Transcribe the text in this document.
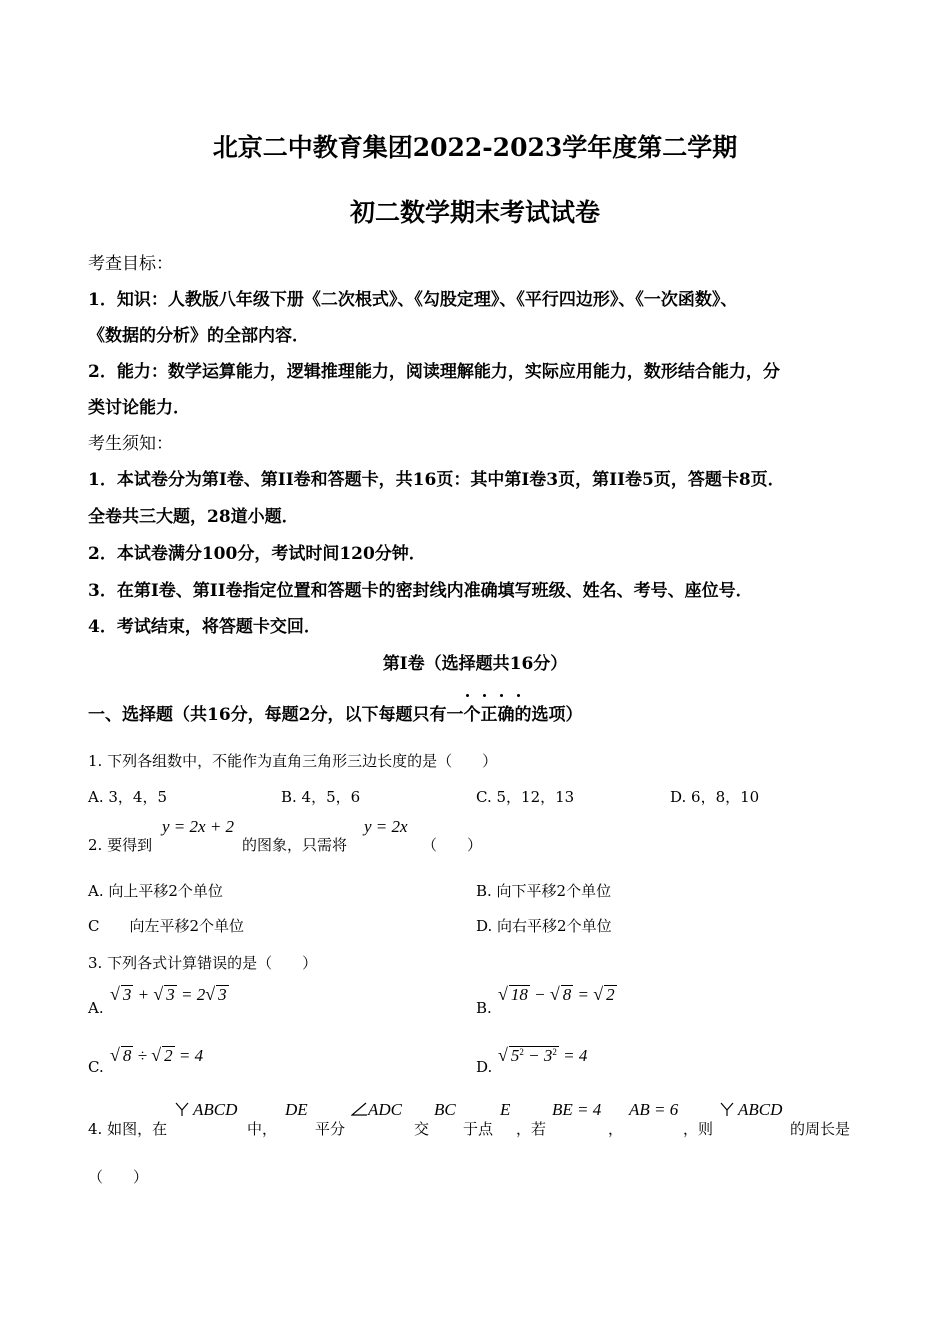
北京二中教育集团2022-2023学年度第二学期
初二数学期末考试试卷
考查目标：
1．知识：人教版八年级下册《二次根式》、《勾股定理》、《平行四边形》、《一次函数》、
《数据的分析》的全部内容．
2．能力：数学运算能力，逻辑推理能力，阅读理解能力，实际应用能力，数形结合能力，分
类讨论能力．
考生须知：
1．本试卷分为第Ⅰ卷、第II卷和答题卡，共16页：其中第Ⅰ卷3页，第II卷5页，答题卡8页．
全卷共三大题，28道小题．
2．本试卷满分100分，考试时间120分钟．
3．在第Ⅰ卷、第II卷指定位置和答题卡的密封线内准确填写班级、姓名、考号、座位号．
4．考试结束，将答题卡交回．
第Ⅰ卷（选择题共16分）
一、选择题（共16分，每题2分，以下每题只有一个正确的选项）
1. 下列各组数中，不能作为直角三角形三边长度的是（　　）
A. 3，4，5	B. 4，5，6	C. 5，12，13	D. 6，8，10
2. 要得到
y = 2x + 2
的图象，只需将
y = 2x
（　　）
A. 向上平移2个单位	B. 向下平移2个单位
C　　向左平移2个单位	D. 向右平移2个单位
3. 下列各式计算错误的是（　　）
A.
√ 3 + √ 3 = 2√ 3
B.
√ 18 − √ 8 = √ 2
C.
√ 8 ÷ √ 2 = 4
D.
√ $5^2 - 3^2 = 4$
4. 如图，在
ABCD
中，
DE
平分
ADC
交
BC
于点
E
，若
BE = 4
，
AB = 6
，则
ABCD
的周长是
（　　）
